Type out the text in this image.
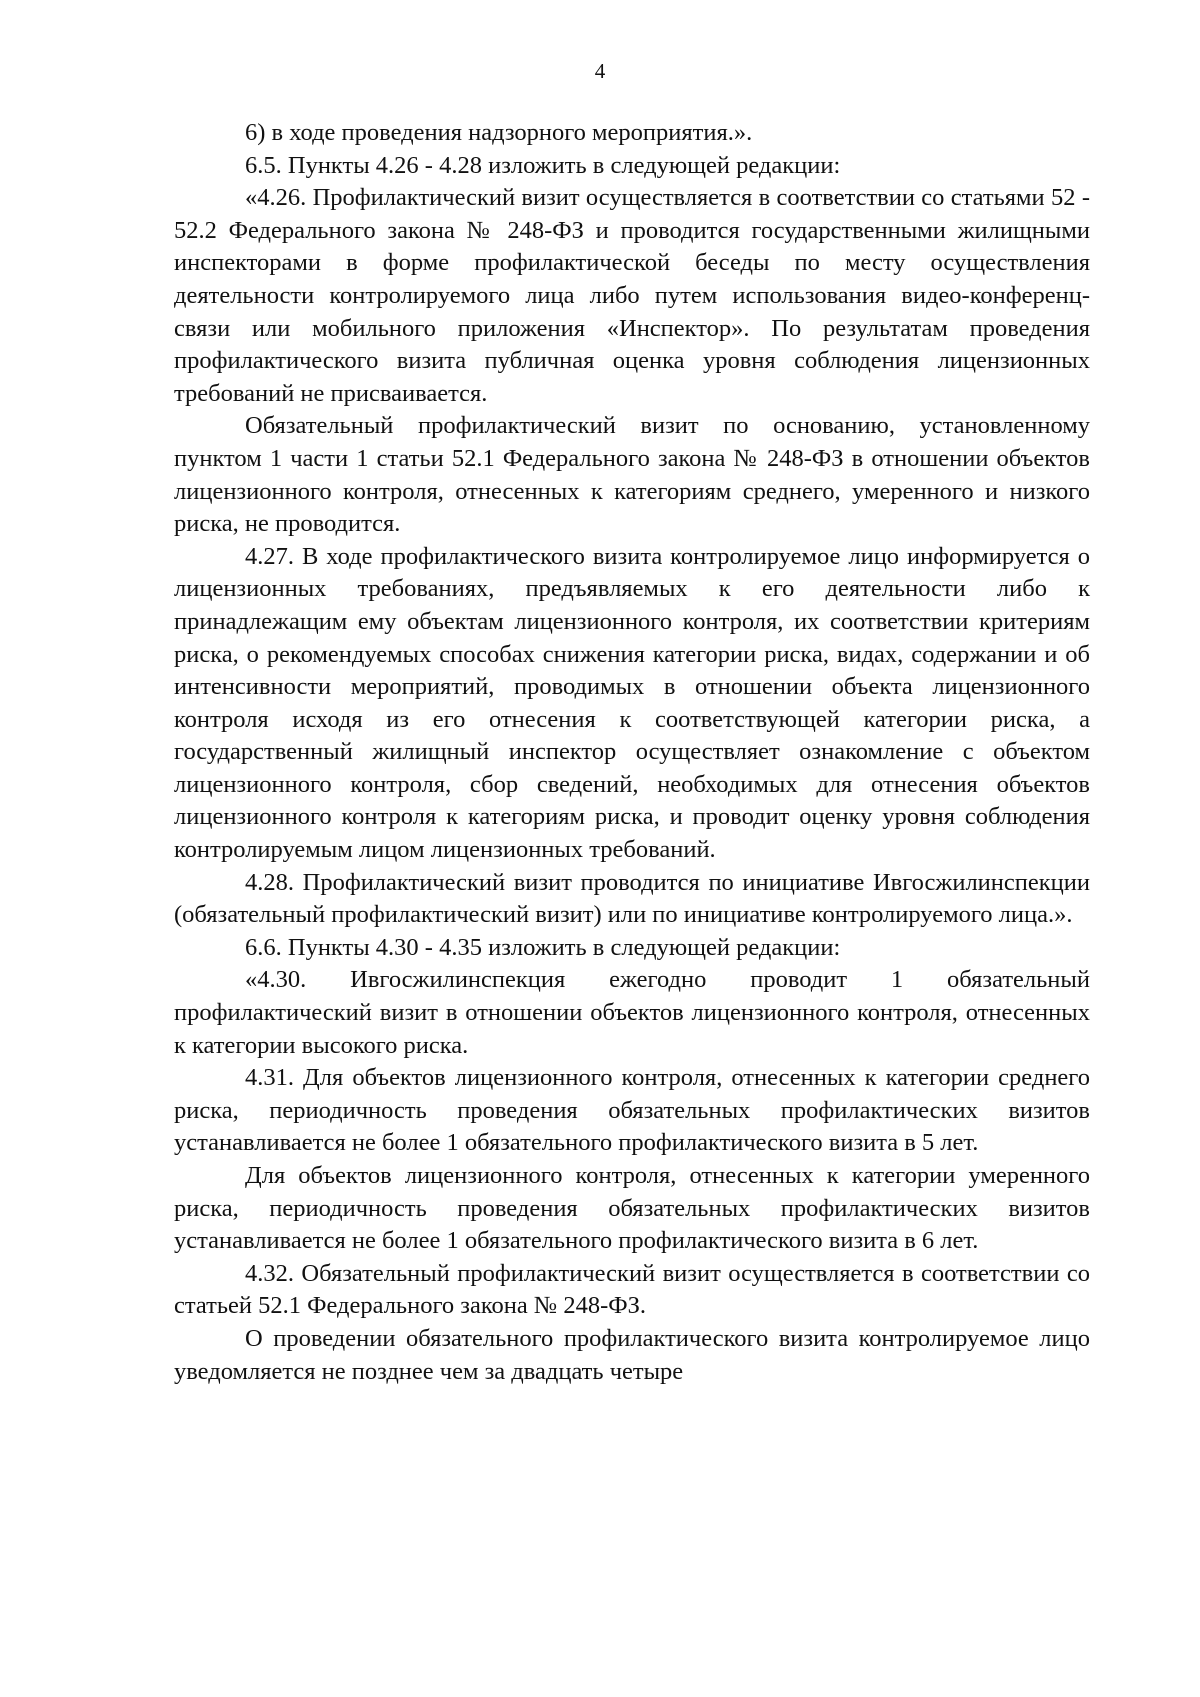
4

6) в ходе проведения надзорного мероприятия.».

6.5. Пункты 4.26 - 4.28 изложить в следующей редакции:

«4.26. Профилактический визит осуществляется в соответствии со статьями 52 - 52.2 Федерального закона № 248-ФЗ и проводится государственными жилищными инспекторами в форме профилактической беседы по месту осуществления деятельности контролируемого лица либо путем использования видео-конференц-связи или мобильного приложения «Инспектор». По результатам проведения профилактического визита публичная оценка уровня соблюдения лицензионных требований не присваивается.

Обязательный профилактический визит по основанию, установленному пунктом 1 части 1 статьи 52.1 Федерального закона № 248-ФЗ в отношении объектов лицензионного контроля, отнесенных к категориям среднего, умеренного и низкого риска, не проводится.

4.27. В ходе профилактического визита контролируемое лицо информируется о лицензионных требованиях, предъявляемых к его деятельности либо к принадлежащим ему объектам лицензионного контроля, их соответствии критериям риска, о рекомендуемых способах снижения категории риска, видах, содержании и об интенсивности мероприятий, проводимых в отношении объекта лицензионного контроля исходя из его отнесения к соответствующей категории риска, а государственный жилищный инспектор осуществляет ознакомление с объектом лицензионного контроля, сбор сведений, необходимых для отнесения объектов лицензионного контроля к категориям риска, и проводит оценку уровня соблюдения контролируемым лицом лицензионных требований.

4.28. Профилактический визит проводится по инициативе Ивгосжилинспекции (обязательный профилактический визит) или по инициативе контролируемого лица.».

6.6. Пункты 4.30 - 4.35 изложить в следующей редакции:

«4.30. Ивгосжилинспекция ежегодно проводит 1 обязательный профилактический визит в отношении объектов лицензионного контроля, отнесенных к категории высокого риска.

4.31. Для объектов лицензионного контроля, отнесенных к категории среднего риска, периодичность проведения обязательных профилактических визитов устанавливается не более 1 обязательного профилактического визита в 5 лет.

Для объектов лицензионного контроля, отнесенных к категории умеренного риска, периодичность проведения обязательных профилактических визитов устанавливается не более 1 обязательного профилактического визита в 6 лет.

4.32. Обязательный профилактический визит осуществляется в соответствии со статьей 52.1 Федерального закона № 248-ФЗ.

О проведении обязательного профилактического визита контролируемое лицо уведомляется не позднее чем за двадцать четыре
